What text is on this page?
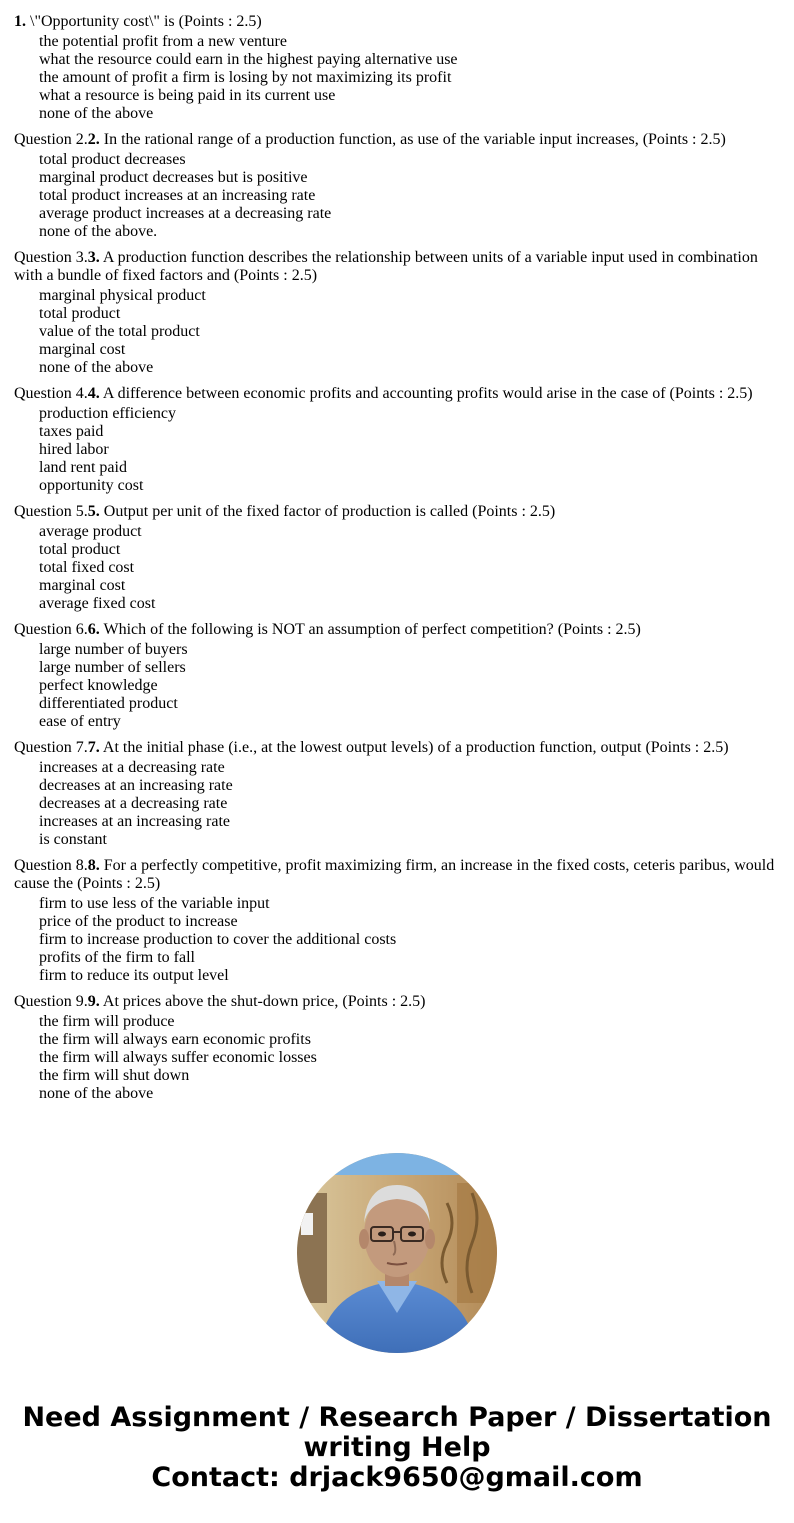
1. \"Opportunity cost\" is (Points : 2.5)
the potential profit from a new venture
what the resource could earn in the highest paying alternative use
the amount of profit a firm is losing by not maximizing its profit
what a resource is being paid in its current use
none of the above
Question 2.2. In the rational range of a production function, as use of the variable input increases, (Points : 2.5)
total product decreases
marginal product decreases but is positive
total product increases at an increasing rate
average product increases at a decreasing rate
none of the above.
Question 3.3. A production function describes the relationship between units of a variable input used in combination with a bundle of fixed factors and (Points : 2.5)
marginal physical product
total product
value of the total product
marginal cost
none of the above
Question 4.4. A difference between economic profits and accounting profits would arise in the case of (Points : 2.5)
production efficiency
taxes paid
hired labor
land rent paid
opportunity cost
Question 5.5. Output per unit of the fixed factor of production is called (Points : 2.5)
average product
total product
total fixed cost
marginal cost
average fixed cost
Question 6.6. Which of the following is NOT an assumption of perfect competition? (Points : 2.5)
large number of buyers
large number of sellers
perfect knowledge
differentiated product
ease of entry
Question 7.7. At the initial phase (i.e., at the lowest output levels) of a production function, output (Points : 2.5)
increases at a decreasing rate
decreases at an increasing rate
decreases at a decreasing rate
increases at an increasing rate
is constant
Question 8.8. For a perfectly competitive, profit maximizing firm, an increase in the fixed costs, ceteris paribus, would cause the (Points : 2.5)
firm to use less of the variable input
price of the product to increase
firm to increase production to cover the additional costs
profits of the firm to fall
firm to reduce its output level
Question 9.9. At prices above the shut-down price, (Points : 2.5)
the firm will produce
the firm will always earn economic profits
the firm will always suffer economic losses
the firm will shut down
none of the above
Need Assignment / Research Paper / Dissertation writing Help
Contact: drjack9650@gmail.com
